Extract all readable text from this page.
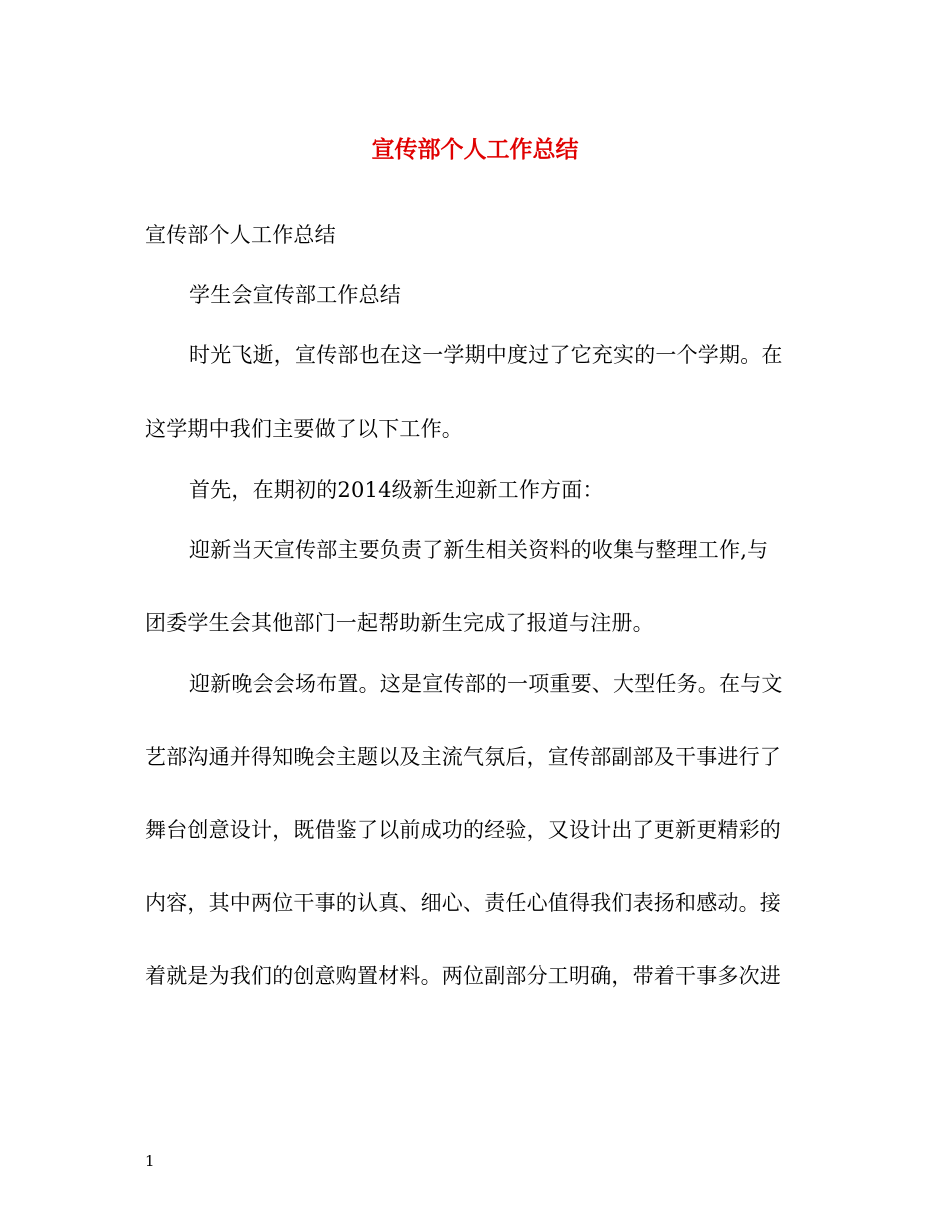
宣传部个人工作总结
宣传部个人工作总结
学生会宣传部工作总结
时光飞逝，宣传部也在这一学期中度过了它充实的一个学期。在
这学期中我们主要做了以下工作。
首先，在期初的2014级新生迎新工作方面：
迎新当天宣传部主要负责了新生相关资料的收集与整理工作,与
团委学生会其他部门一起帮助新生完成了报道与注册。
迎新晚会会场布置。这是宣传部的一项重要、大型任务。在与文
艺部沟通并得知晚会主题以及主流气氛后，宣传部副部及干事进行了
舞台创意设计，既借鉴了以前成功的经验，又设计出了更新更精彩的
内容，其中两位干事的认真、细心、责任心值得我们表扬和感动。接
着就是为我们的创意购置材料。两位副部分工明确，带着干事多次进
1
